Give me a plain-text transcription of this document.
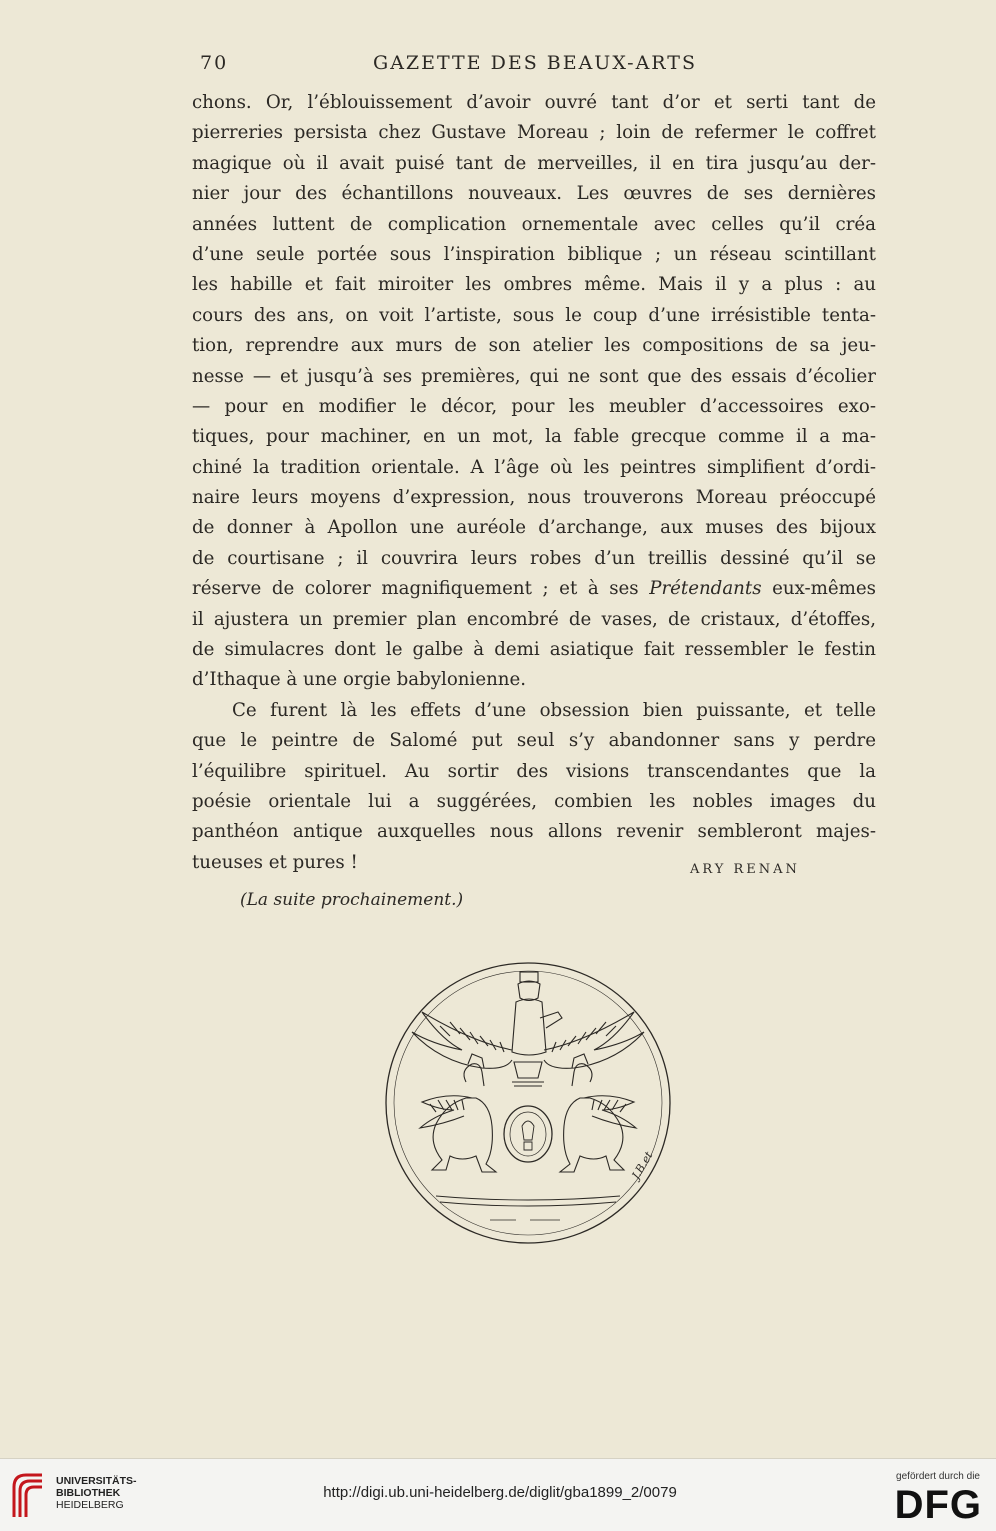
70	GAZETTE DES BEAUX-ARTS
chons. Or, l’éblouissement d’avoir ouvré tant d’or et serti tant de
pierreries persista chez Gustave Moreau ; loin de refermer le coffret
magique où il avait puisé tant de merveilles, il en tira jusqu’au der-
nier jour des échantillons nouveaux. Les œuvres de ses dernières
années luttent de complication ornementale avec celles qu’il créa
d’une seule portée sous l’inspiration biblique ; un réseau scintillant
les habille et fait miroiter les ombres même. Mais il y a plus : au
cours des ans, on voit l’artiste, sous le coup d’une irrésistible tenta-
tion, reprendre aux murs de son atelier les compositions de sa jeu-
nesse — et jusqu’à ses premières, qui ne sont que des essais d’écolier
— pour en modifier le décor, pour les meubler d’accessoires exo-
tiques, pour machiner, en un mot, la fable grecque comme il a ma-
chiné la tradition orientale. A l’âge où les peintres simplifient d’ordi-
naire leurs moyens d’expression, nous trouverons Moreau préoccupé
de donner à Apollon une auréole d’archange, aux muses des bijoux
de courtisane ; il couvrira leurs robes d’un treillis dessiné qu’il se
réserve de colorer magnifiquement ; et à ses Prétendants eux-mêmes
il ajustera un premier plan encombré de vases, de cristaux, d’étoffes,
de simulacres dont le galbe à demi asiatique fait ressembler le festin
d’Ithaque à une orgie babylonienne.
Ce furent là les effets d’une obsession bien puissante, et telle
que le peintre de Salomé put seul s’y abandonner sans y perdre
l’équilibre spirituel. Au sortir des visions transcendantes que la
poésie orientale lui a suggérées, combien les nobles images du
panthéon antique auxquelles nous allons revenir sembleront majes-
tueuses et pures !	ARY RENAN
(La suite prochainement.)
J.B.et
UNIVERSITÄTS-
BIBLIOTHEK
HEIDELBERG
http://digi.ub.uni-heidelberg.de/diglit/gba1899_2/0079
gefördert durch die
DFG
